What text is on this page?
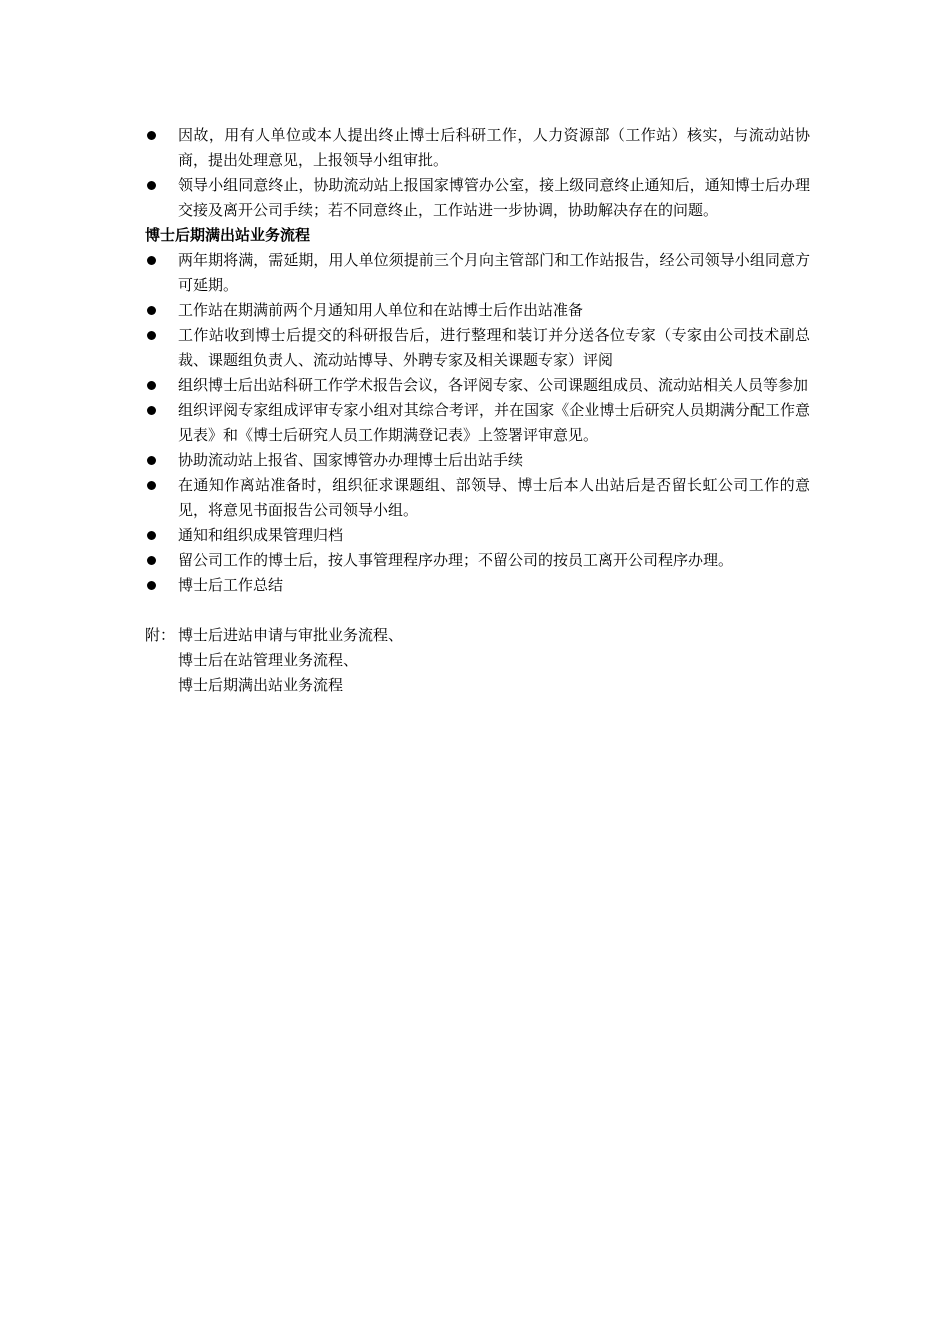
因故，用有人单位或本人提出终止博士后科研工作，人力资源部（工作站）核实，与流动站协商，提出处理意见，上报领导小组审批。
领导小组同意终止，协助流动站上报国家博管办公室，接上级同意终止通知后，通知博士后办理交接及离开公司手续；若不同意终止，工作站进一步协调，协助解决存在的问题。

博士后期满出站业务流程

两年期将满，需延期，用人单位须提前三个月向主管部门和工作站报告，经公司领导小组同意方可延期。
工作站在期满前两个月通知用人单位和在站博士后作出站准备
工作站收到博士后提交的科研报告后，进行整理和装订并分送各位专家（专家由公司技术副总裁、课题组负责人、流动站博导、外聘专家及相关课题专家）评阅
组织博士后出站科研工作学术报告会议，各评阅专家、公司课题组成员、流动站相关人员等参加
组织评阅专家组成评审专家小组对其综合考评，并在国家《企业博士后研究人员期满分配工作意见表》和《博士后研究人员工作期满登记表》上签署评审意见。
协助流动站上报省、国家博管办办理博士后出站手续
在通知作离站准备时，组织征求课题组、部领导、博士后本人出站后是否留长虹公司工作的意见，将意见书面报告公司领导小组。
通知和组织成果管理归档
留公司工作的博士后，按人事管理程序办理；不留公司的按员工离开公司程序办理。
博士后工作总结
附： 博士后进站申请与审批业务流程、
博士后在站管理业务流程、
博士后期满出站业务流程
